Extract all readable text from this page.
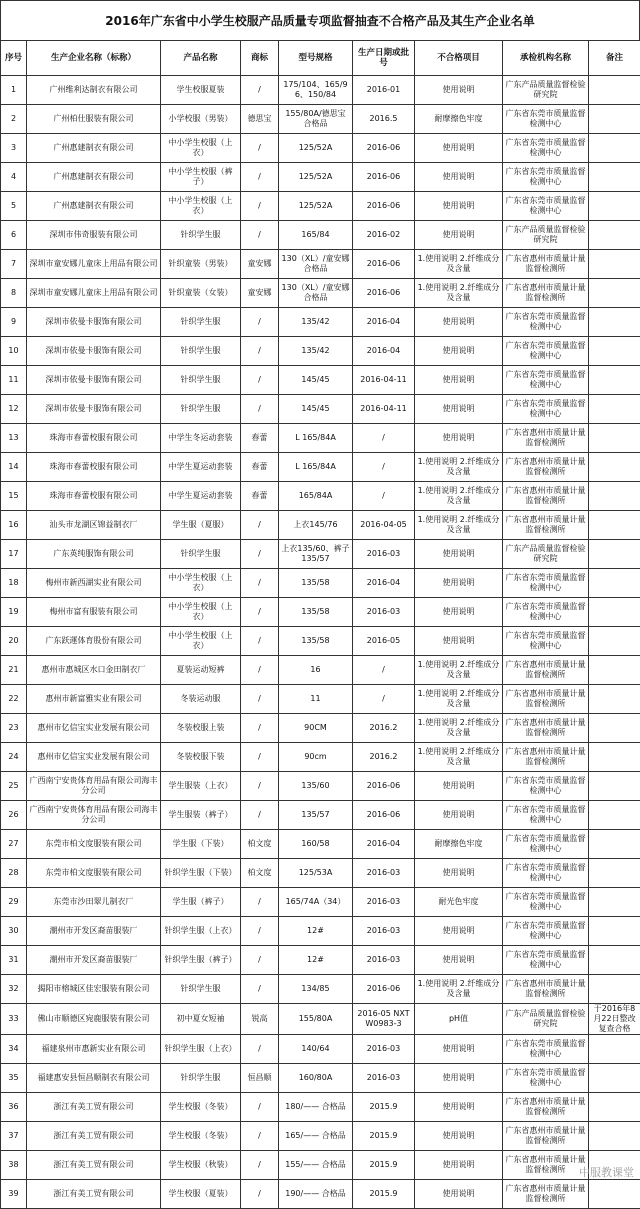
2016年广东省中小学生校服产品质量专项监督抽查不合格产品及其生产企业名单
序号	生产企业名称（标称）	产品名称	商标	型号规格	生产日期或批号	不合格项目	承检机构名称	备注
1	广州维利达制衣有限公司	学生校服夏装	/	175/104、165/96、150/84	2016-01	使用说明	广东产品质量监督检验研究院	
2	广州柏仕服装有限公司	小学校服（男装）	德思宝	155/80A/德思宝 合格品	2016.5	耐摩擦色牢度	广东省东莞市质量监督检测中心	
3	广州惠建制衣有限公司	中小学生校服（上衣）	/	125/52A	2016-06	使用说明	广东省东莞市质量监督检测中心	
4	广州惠建制衣有限公司	中小学生校服（裤子）	/	125/52A	2016-06	使用说明	广东省东莞市质量监督检测中心	
5	广州惠建制衣有限公司	中小学生校服（上衣）	/	125/52A	2016-06	使用说明	广东省东莞市质量监督检测中心	
6	深圳市伟奇服装有限公司	针织学生服	/	165/84	2016-02	使用说明	广东产品质量监督检验研究院	
7	深圳市童安娜儿童床上用品有限公司	针织童装（男装）	童安娜	130（XL）/童安娜 合格品	2016-06	1.使用说明 2.纤维成分及含量	广东省惠州市质量计量监督检测所	
8	深圳市童安娜儿童床上用品有限公司	针织童装（女装）	童安娜	130（XL）/童安娜 合格品	2016-06	1.使用说明 2.纤维成分及含量	广东省惠州市质量计量监督检测所	
9	深圳市依曼卡服饰有限公司	针织学生服	/	135/42	2016-04	使用说明	广东省东莞市质量监督检测中心	
10	深圳市依曼卡服饰有限公司	针织学生服	/	135/42	2016-04	使用说明	广东省东莞市质量监督检测中心	
11	深圳市依曼卡服饰有限公司	针织学生服	/	145/45	2016-04-11	使用说明	广东省东莞市质量监督检测中心	
12	深圳市依曼卡服饰有限公司	针织学生服	/	145/45	2016-04-11	使用说明	广东省东莞市质量监督检测中心	
13	珠海市春蕾校服有限公司	中学生冬运动套装	春蕾	L 165/84A	/	使用说明	广东省惠州市质量计量监督检测所	
14	珠海市春蕾校服有限公司	中学生夏运动套装	春蕾	L 165/84A	/	1.使用说明 2.纤维成分及含量	广东省惠州市质量计量监督检测所	
15	珠海市春蕾校服有限公司	中学生夏运动套装	春蕾	165/84A	/	1.使用说明 2.纤维成分及含量	广东省惠州市质量计量监督检测所	
16	汕头市龙湖区锦益制衣厂	学生服（夏服）	/	上衣145/76	2016-04-05	1.使用说明 2.纤维成分及含量	广东省惠州市质量计量监督检测所	
17	广东英纯服饰有限公司	针织学生服	/	上衣135/60、裤子135/57	2016-03	使用说明	广东产品质量监督检验研究院	
18	梅州市新西湖实业有限公司	中小学生校服（上衣）	/	135/58	2016-04	使用说明	广东省东莞市质量监督检测中心	
19	梅州市富有服装有限公司	中小学生校服（上衣）	/	135/58	2016-03	使用说明	广东省东莞市质量监督检测中心	
20	广东跃運体育股份有限公司	中小学生校服（上衣）	/	135/58	2016-05	使用说明	广东省东莞市质量监督检测中心	
21	惠州市惠城区水口金田制衣厂	夏装运动短裤	/	16	/	1.使用说明 2.纤维成分及含量	广东省惠州市质量计量监督检测所	
22	惠州市新富雅实业有限公司	冬装运动服	/	11	/	1.使用说明 2.纤维成分及含量	广东省惠州市质量计量监督检测所	
23	惠州市亿信宝实业发展有限公司	冬装校服上装	/	90CM	2016.2	1.使用说明 2.纤维成分及含量	广东省惠州市质量计量监督检测所	
24	惠州市亿信宝实业发展有限公司	冬装校服下装	/	90cm	2016.2	1.使用说明 2.纤维成分及含量	广东省惠州市质量计量监督检测所	
25	广西南宁安贵体育用品有限公司海丰分公司	学生服装（上衣）	/	135/60	2016-06	使用说明	广东省东莞市质量监督检测中心	
26	广西南宁安贵体育用品有限公司海丰分公司	学生服装（裤子）	/	135/57	2016-06	使用说明	广东省东莞市质量监督检测中心	
27	东莞市柏文度服装有限公司	学生服（下装）	柏文度	160/58	2016-04	耐摩擦色牢度	广东省东莞市质量监督检测中心	
28	东莞市柏文度服装有限公司	针织学生服（下装）	柏文度	125/53A	2016-03	使用说明	广东省东莞市质量监督检测中心	
29	东莞市沙田翠儿制衣厂	学生服（裤子）	/	165/74A（34）	2016-03	耐光色牢度	广东省东莞市质量监督检测中心	
30	潮州市开发区裔苗服装厂	针织学生服（上衣）	/	12#	2016-03	使用说明	广东省东莞市质量监督检测中心	
31	潮州市开发区裔苗服装厂	针织学生服（裤子）	/	12#	2016-03	使用说明	广东省东莞市质量监督检测中心	
32	揭阳市榕城区佳宏服装有限公司	针织学生服	/	134/85	2016-06	1.使用说明 2.纤维成分及含量	广东省惠州市质量计量监督检测所	
33	佛山市顺德区宛鹿服装有限公司	初中夏女短袖	锐高	155/80A	2016-05 NXTW0983-3	pH值	广东产品质量监督检验研究院	于2016年8月22日整改复查合格
34	福建泉州市惠新实业有限公司	针织学生服（上衣）	/	140/64	2016-03	使用说明	广东省东莞市质量监督检测中心	
35	福建惠安县恒昌顺制衣有限公司	针织学生服	恒昌顺	160/80A	2016-03	使用说明	广东省东莞市质量监督检测中心	
36	浙江有美工贸有限公司	学生校服（冬装）	/	180/—— 合格品	2015.9	使用说明	广东省惠州市质量计量监督检测所	
37	浙江有美工贸有限公司	学生校服（冬装）	/	165/—— 合格品	2015.9	使用说明	广东省惠州市质量计量监督检测所	
38	浙江有美工贸有限公司	学生校服（秋装）	/	155/—— 合格品	2015.9	使用说明	广东省惠州市质量计量监督检测所	
39	浙江有美工贸有限公司	学生校服（夏装）	/	190/—— 合格品	2015.9	使用说明	广东省惠州市质量计量监督检测所	
中服教课堂
